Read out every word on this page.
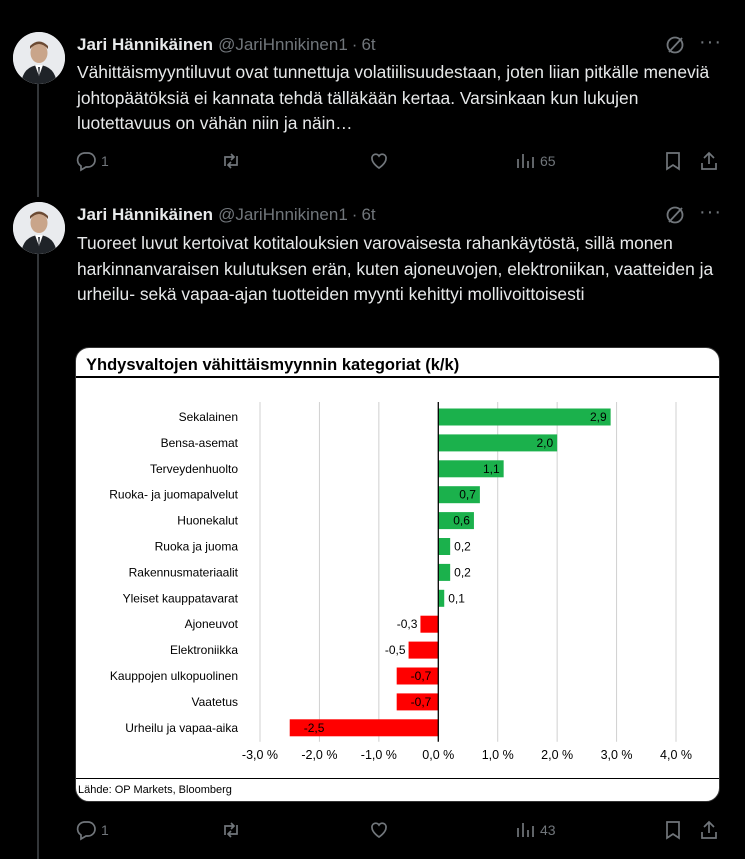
Jari Hännikäinen @JariHnnikinen1 · 6t	···
Vähittäismyyntiluvut ovat tunnettuja volatiilisuudestaan, joten liian pitkälle meneviä johtopäätöksiä ei kannata tehdä tälläkään kertaa. Varsinkaan kun lukujen luotettavuus on vähän niin ja näin…
1	65
Jari Hännikäinen @JariHnnikinen1 · 6t	···
Tuoreet luvut kertoivat kotitalouksien varovaisesta rahankäytöstä, sillä monen harkinnanvaraisen kulutuksen erän, kuten ajoneuvojen, elektroniikan, vaatteiden ja urheilu- sekä vapaa-ajan tuotteiden myynti kehittyi mollivoittoisesti
Yhdysvaltojen vähittäismyynnin kategoriat (k/k)
Sekalainen	2,9
Bensa-asemat	2,0
Terveydenhuolto	1,1
Ruoka- ja juomapalvelut	0,7
Huonekalut	0,6
Ruoka ja juoma	0,2
Rakennusmateriaalit	0,2
Yleiset kauppatavarat	0,1
Ajoneuvot	-0,3
Elektroniikka	-0,5
Kauppojen ulkopuolinen	-0,7
Vaatetus	-0,7
Urheilu ja vapaa-aika	-2,5
-3,0 % -2,0 % -1,0 % 0,0 % 1,0 % 2,0 % 3,0 % 4,0 %
Lähde: OP Markets, Bloomberg
1	43
